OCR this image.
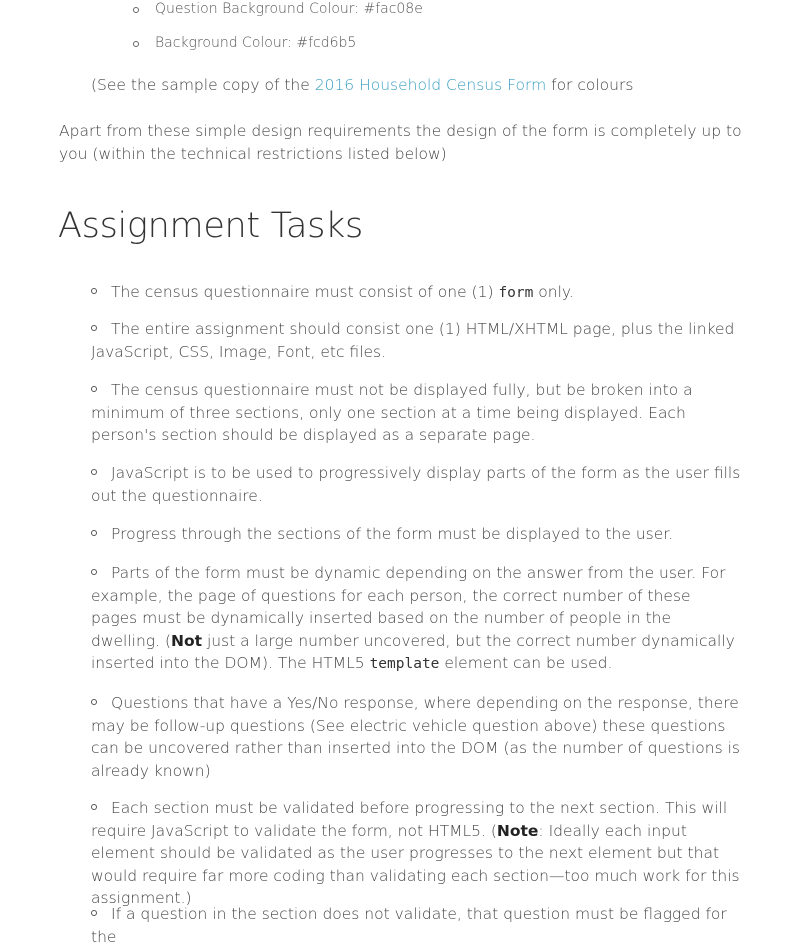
Question Background Colour: #fac08e
Background Colour: #fcd6b5
(See the sample copy of the 2016 Household Census Form for colours
Apart from these simple design requirements the design of the form is completely up to you (within the technical restrictions listed below)
Assignment Tasks
The census questionnaire must consist of one (1) form only.
The entire assignment should consist one (1) HTML/XHTML page, plus the linked JavaScript, CSS, Image, Font, etc files.
The census questionnaire must not be displayed fully, but be broken into a minimum of three sections, only one section at a time being displayed. Each person's section should be displayed as a separate page.
JavaScript is to be used to progressively display parts of the form as the user fills out the questionnaire.
Progress through the sections of the form must be displayed to the user.
Parts of the form must be dynamic depending on the answer from the user. For example, the page of questions for each person, the correct number of these pages must be dynamically inserted based on the number of people in the dwelling. (Not just a large number uncovered, but the correct number dynamically inserted into the DOM). The HTML5 template element can be used.
Questions that have a Yes/No response, where depending on the response, there may be follow-up questions (See electric vehicle question above) these questions can be uncovered rather than inserted into the DOM (as the number of questions is already known)
Each section must be validated before progressing to the next section. This will require JavaScript to validate the form, not HTML5. (Note: Ideally each input element should be validated as the user progresses to the next element but that would require far more coding than validating each section—too much work for this assignment.)
If a question in the section does not validate, that question must be flagged for the
